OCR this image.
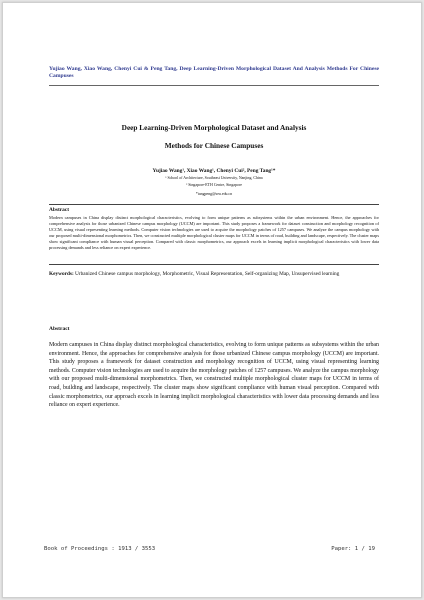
Yujiao Wang, Xiao Wang, Chenyi Cui & Peng Tang, Deep Learning-Driven Morphological Dataset And Analysis Methods For Chinese Campuses
Deep Learning-Driven Morphological Dataset and Analysis
Methods for Chinese Campuses
Yujiao Wang¹, Xiao Wang¹, Chenyi Cui², Peng Tang¹*
¹ School of Architecture, Southeast University, Nanjing, China
² Singapore-ETH Centre, Singapore
*tangpeng@seu.edu.cn
Abstract
Modern campuses in China display distinct morphological characteristics, evolving to form unique patterns as subsystems within the urban environment. Hence, the approaches for comprehensive analysis for those urbanized Chinese campus morphology (UCCM) are important. This study proposes a framework for dataset construction and morphology recognition of UCCM, using visual representing learning methods. Computer vision technologies are used to acquire the morphology patches of 1257 campuses. We analyze the campus morphology with our proposed multi-dimensional morphometrics. Then, we constructed multiple morphological cluster maps for UCCM in terms of road, building and landscape, respectively. The cluster maps show significant compliance with human visual perception. Compared with classic morphometrics, our approach excels in learning implicit morphological characteristics with lower data processing demands and less reliance on expert experience.
Keywords: Urbanized Chinese campus morphology, Morphometric, Visual Representation, Self-organizing Map, Unsupervised learning
Abstract
Modern campuses in China display distinct morphological characteristics, evolving to form unique patterns as subsystems within the urban environment. Hence, the approaches for comprehensive analysis for those urbanized Chinese campus morphology (UCCM) are important. This study proposes a framework for dataset construction and morphology recognition of UCCM, using visual representing learning methods. Computer vision technologies are used to acquire the morphology patches of 1257 campuses. We analyze the campus morphology with our proposed multi-dimensional morphometrics. Then, we constructed multiple morphological cluster maps for UCCM in terms of road, building and landscape, respectively. The cluster maps show significant compliance with human visual perception. Compared with classic morphometrics, our approach excels in learning implicit morphological characteristics with lower data processing demands and less reliance on expert experience.
Book of Proceedings : 1913 / 3553	Paper: 1 / 19
